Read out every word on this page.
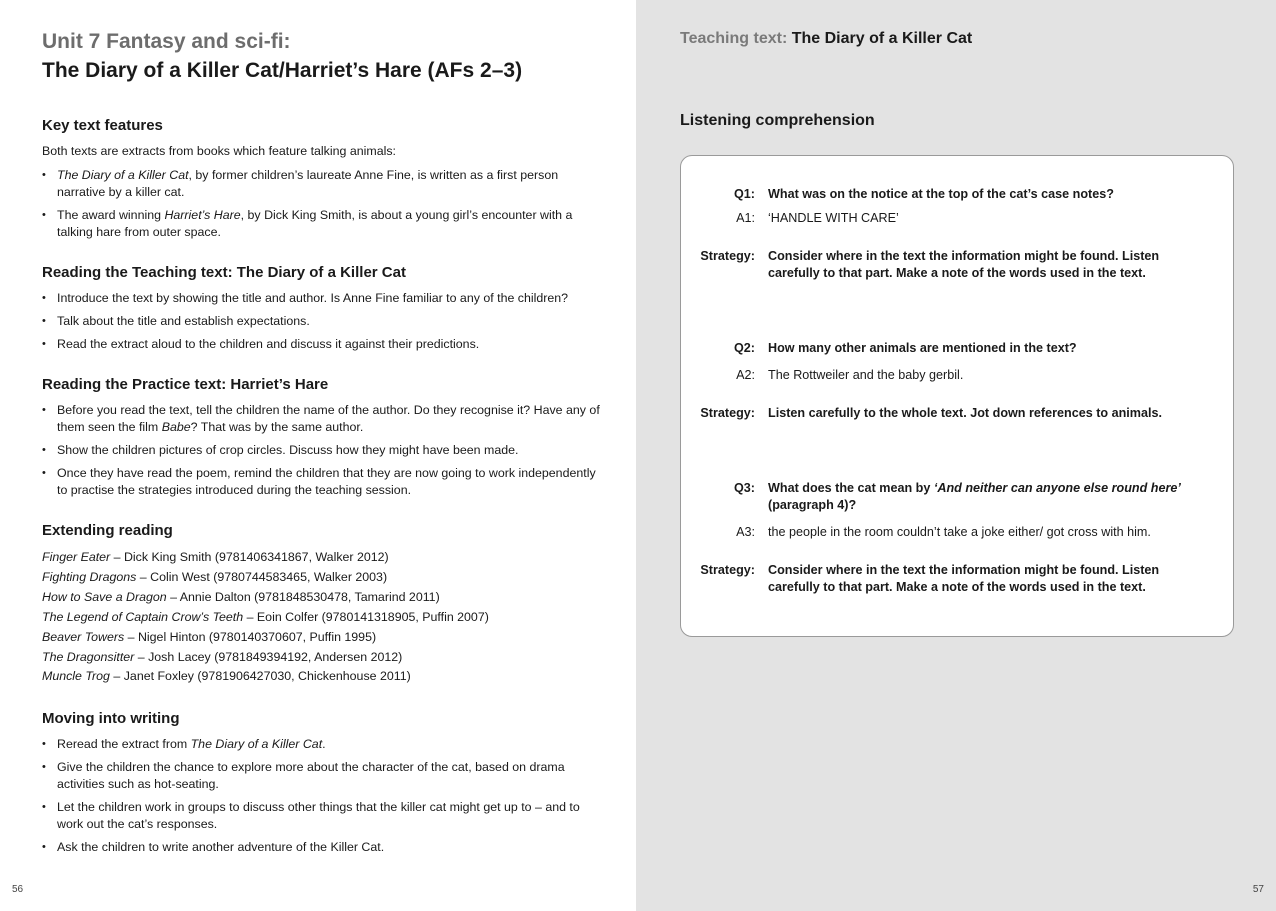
Unit 7 Fantasy and sci-fi:
The Diary of a Killer Cat/Harriet’s Hare (AFs 2–3)
Key text features

Both texts are extracts from books which feature talking animals:

• The Diary of a Killer Cat, by former children’s laureate Anne Fine, is written as a first person narrative by a killer cat.
• The award winning Harriet’s Hare, by Dick King Smith, is about a young girl’s encounter with a talking hare from outer space.
Reading the Teaching text: The Diary of a Killer Cat
• Introduce the text by showing the title and author. Is Anne Fine familiar to any of the children?
• Talk about the title and establish expectations.
• Read the extract aloud to the children and discuss it against their predictions.
Reading the Practice text: Harriet’s Hare
• Before you read the text, tell the children the name of the author. Do they recognise it? Have any of them seen the film Babe? That was by the same author.
• Show the children pictures of crop circles. Discuss how they might have been made.
• Once they have read the poem, remind the children that they are now going to work independently to practise the strategies introduced during the teaching session.
Extending reading
Finger Eater – Dick King Smith (9781406341867, Walker 2012)
Fighting Dragons – Colin West (9780744583465, Walker 2003)
How to Save a Dragon – Annie Dalton (9781848530478, Tamarind 2011)
The Legend of Captain Crow’s Teeth – Eoin Colfer (9780141318905, Puffin 2007)
Beaver Towers – Nigel Hinton (9780140370607, Puffin 1995)
The Dragonsitter – Josh Lacey (9781849394192, Andersen 2012)
Muncle Trog – Janet Foxley (9781906427030, Chickenhouse 2011)
Moving into writing
• Reread the extract from The Diary of a Killer Cat.
• Give the children the chance to explore more about the character of the cat, based on drama activities such as hot-seating.
• Let the children work in groups to discuss other things that the killer cat might get up to – and to work out the cat’s responses.
• Ask the children to write another adventure of the Killer Cat.
56
Teaching text: The Diary of a Killer Cat
Listening comprehension
Q1:	What was on the notice at the top of the cat’s case notes?
A1:	‘HANDLE WITH CARE’
Strategy:	Consider where in the text the information might be found. Listen carefully to that part. Make a note of the words used in the text.
Q2:	How many other animals are mentioned in the text?
A2:	The Rottweiler and the baby gerbil.
Strategy:	Listen carefully to the whole text. Jot down references to animals.
Q3:	What does the cat mean by ‘And neither can anyone else round here’ (paragraph 4)?
A3:	the people in the room couldn’t take a joke either/ got cross with him.
Strategy:	Consider where in the text the information might be found. Listen carefully to that part. Make a note of the words used in the text.
57
